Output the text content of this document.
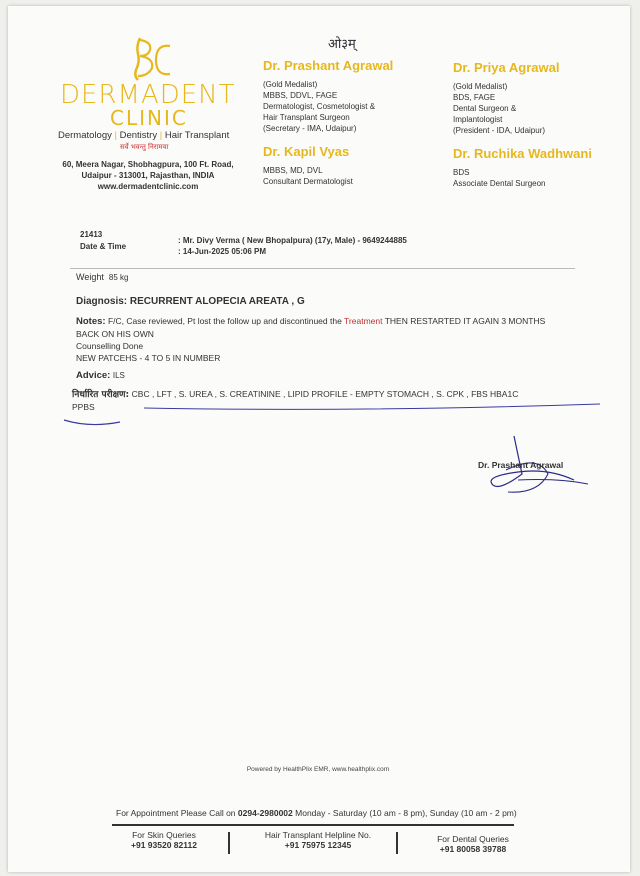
ओ३म्
DERMADENT
CLINIC
Dermatology | Dentistry | Hair Transplant
सर्वे भवन्तु निरामया
60, Meera Nagar, Shobhagpura, 100 Ft. Road,
Udaipur - 313001, Rajasthan, INDIA
www.dermadentclinic.com
Dr. Prashant Agrawal
(Gold Medalist)
MBBS, DDVL, FAGE
Dermatologist, Cosmetologist &
Hair Transplant Surgeon
(Secretary - IMA, Udaipur)
Dr. Priya Agrawal
(Gold Medalist)
BDS, FAGE
Dental Surgeon &
Implantologist
(President - IDA, Udaipur)
Dr. Kapil Vyas
MBBS, MD, DVL
Consultant Dermatologist
Dr. Ruchika Wadhwani
BDS
Associate Dental Surgeon
21413
: Mr. Divy Verma ( New Bhopalpura) (17y, Male) - 9649244885
Date & Time
: 14-Jun-2025 05:06 PM
Weight 85 kg
Diagnosis: RECURRENT ALOPECIA AREATA , G
Notes: F/C, Case reviewed, Pt lost the follow up and discontinued the Treatment THEN RESTARTED IT AGAIN 3 MONTHS
BACK ON HIS OWN
Counselling Done
NEW PATCEHS - 4 TO 5 IN NUMBER
Advice: ILS
निर्धारित परीक्षण: CBC , LFT , S. UREA , S. CREATININE , LIPID PROFILE - EMPTY STOMACH , S. CPK , FBS HBA1C
PPBS
Dr. Prashant Agrawal
Powered by HealthPlix EMR, www.healthplix.com
For Appointment Please Call on 0294-2980002 Monday - Saturday (10 am - 8 pm), Sunday (10 am - 2 pm)
For Skin Queries
+91 93520 82112
Hair Transplant Helpline No.
+91 75975 12345
For Dental Queries
+91 80058 39788
